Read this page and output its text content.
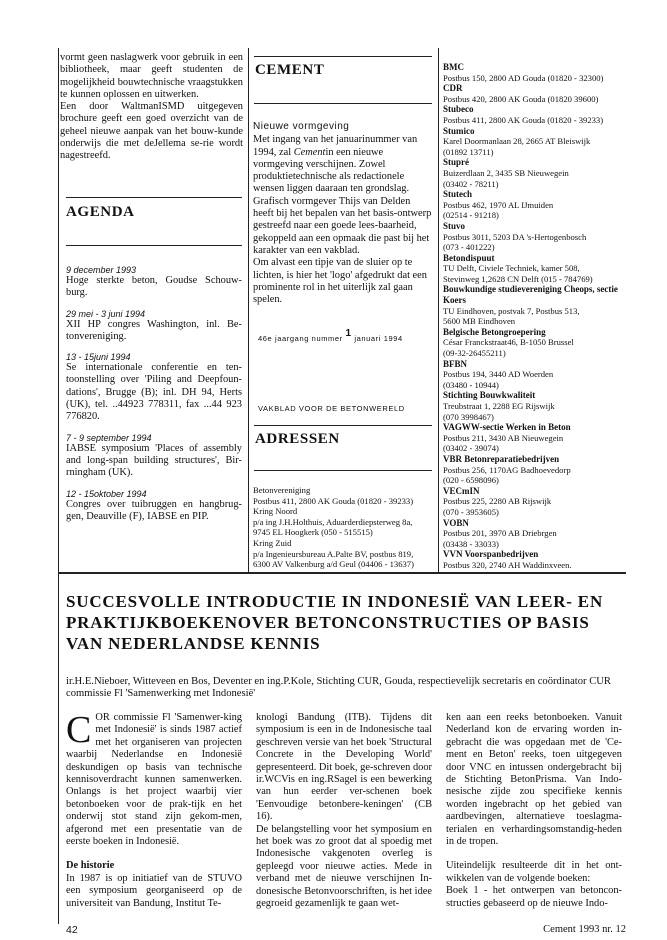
vormt geen naslagwerk voor gebruik in een bibliotheek, maar geeft studenten de mogelijkheid bouwtechnische vraagstukken te kunnen oplossen en uitwerken.

Een door WaltmanISMD uitgegeven brochure geeft een goed overzicht van de geheel nieuwe aanpak van het bouw-kunde onderwijs die met deJellema se-rie wordt nagestreefd.

AGENDA
9 december 1993
Hoge sterkte beton, Goudse Schouw-burg.
29 mei - 3 juni 1994
XII HP congres Washington, inl. Be-tonvereniging.
13 - 15juni 1994
Se internationale conferentie en ten-toonstelling over 'Piling and Deepfoun-dations', Brugge (B); inl. DH 94, Herts (UK), tel. ..44923 778311, fax ...44 923 776820.
7 - 9 september 1994
IABSE symposium 'Places of assembly and long-span building structures', Bir-rningham (UK).
12 - 15oktober 1994
Congres over tuibruggen en hangbrug-gen, Deauville (F), IABSE en PIP.
CEMENT
Nieuwe vormgeving

Met ingang van het januarinummer van 1994, zal Cementin een nieuwe vormgeving verschijnen. Zowel produktietechnische als redactionele wensen liggen daaraan ten grondslag. Grafisch vormgever Thijs van Delden heeft bij het bepalen van het basis-ontwerp gestreefd naar een goede lees-baarheid, gekoppeld aan een opmaak die past bij het karakter van een vakblad.

Om alvast een tipje van de sluier op te lichten, is hier het 'logo' afgedrukt dat een prominente rol in het uiterlijk zal gaan spelen.

46e jaargang nummer $^1$ januari 1994
VAKBLAD VOOR DE BETONWERELD
ADRESSEN
Betonvereniging
Postbus 411, 2800 AK Gouda (01820 - 39233)
Kring Noord
p/a ing J.H.Holthuis, Aduarderdiepsterweg 8a,
9745 EL Hoogkerk (050 - 515515)
Kring Zuid
p/a Ingenieursbureau A.Palte BV, postbus 819,
6300 AV Valkenburg a/d Geul (04406 - 13637)
BMC
Postbus 150, 2800 AD Gouda (01820 - 32300)
CDR
Postbus 420, 2800 AK Gouda (01820 39600)
Stubeco
Postbus 411, 2800 AK Gouda (01820 - 39233)
Stumico
Karel Doormanlaan 28, 2665 AT Bleiswijk
(01892 13711)
Stupré
Buizerdlaan 2, 3435 SB Nieuwegein
(03402 - 78211)
Stutech
Postbus 462, 1970 AL IJmuiden
(02514 - 91218)
Stuvo
Postbus 3011, 5203 DA 's-Hertogenbosch
(073 - 401222)
Betondispuut
TU Delft, Civiele Techniek, kamer 508,
Stevinweg 1,2628 CN Delft (015 - 784769)
Bouwkundige studievereniging Cheops, sectie Koers
TU Eindhoven, postvak 7, Postbus 513,
5600 MB Eindhoven
Belgische Betongroepering
César Franckstraat46, B-1050 Brussel
(09-32-26455211)
BFBN
Postbus 194, 3440 AD Woerden
(03480 - 10944)
Stichting Bouwkwaliteit
Treubstraat 1, 2288 EG Rijswijk
(070 3998467)
VAGWW-sectie Werken in Beton
Postbus 211, 3430 AB Nieuwegein
(03402 - 39074)
VBR Betonreparatiebedrijven
Postbus 256, 1170AG Badhoevedorp
(020 - 6598096)
VECmIN
Postbus 225, 2280 AB Rijswijk
(070 - 3953605)
VOBN
Postbus 201, 3970 AB Driebrgen
(03438 - 33033)
VVN Voorspanbedrijven
Postbus 320, 2740 AH Waddinxveen.
SUCCESVOLLE INTRODUCTIE IN INDONESIË VAN LEER- EN PRAKTIJKBOEKENOVER BETONCONSTRUCTIES OP BASIS VAN NEDERLANDSE KENNIS
ir.H.E.Nieboer, Witteveen en Bos, Deventer en ing.P.Kole, Stichting CUR, Gouda, respectievelijk secretaris en coördinator CUR commissie Fl 'Samenwerking met Indonesië'
C OR commissie Fl 'Samenwer-king met Indonesië' is sinds 1987 actief met het organiseren van projecten waarbij Nederlandse en Indonesië deskundigen op basis van technische kennisoverdracht kunnen samenwerken. Onlangs is het project waarbij vier betonboeken voor de prak-tijk en het onderwij stot stand zijn gekom-men, afgerond met een presentatie van de eerste boeken in Indonesië.

De historie

In 1987 is op initiatief van de STUVO een symposium georganiseerd op de universiteit van Bandung, Institut Te-

knologi Bandung (ITB). Tijdens dit symposium is een in de Indonesische taal geschreven versie van het boek 'Structural Concrete in the Developing World' gepresenteerd. Dit boek, ge-schreven door ir.WCVis en ing.RSagel is een bewerking van hun eerder ver-schenen boek 'Eenvoudige betonbere-keningen' (CB 16).

De belangstelling voor het symposium en het boek was zo groot dat al spoedig met Indonesische vakgenoten overleg is gepleegd voor nieuwe acties. Mede in verband met de nieuwe verschijnen In-donesische Betonvoorschriften, is het idee gegroeid gezamenlijk te gaan wet-

ken aan een reeks betonboeken. Vanuit Nederland kon de ervaring worden in-gebracht die was opgedaan met de 'Ce-ment en Beton' reeks, toen uitgegeven door VNC en intussen ondergebracht bij de Stichting BetonPrisma. Van Indo-nesische zijde zou specifieke kennis worden ingebracht op het gebied van aardbevingen, alternatieve toeslagma-terialen en verhardingsomstandig-heden in de tropen.

Uiteindelijk resulteerde dit in het ont-wikkelen van de volgende boeken:

Boek 1 - het ontwerpen van betoncon-structies gebaseerd op de nieuwe Indo-

42	Cement 1993 nr. 12
